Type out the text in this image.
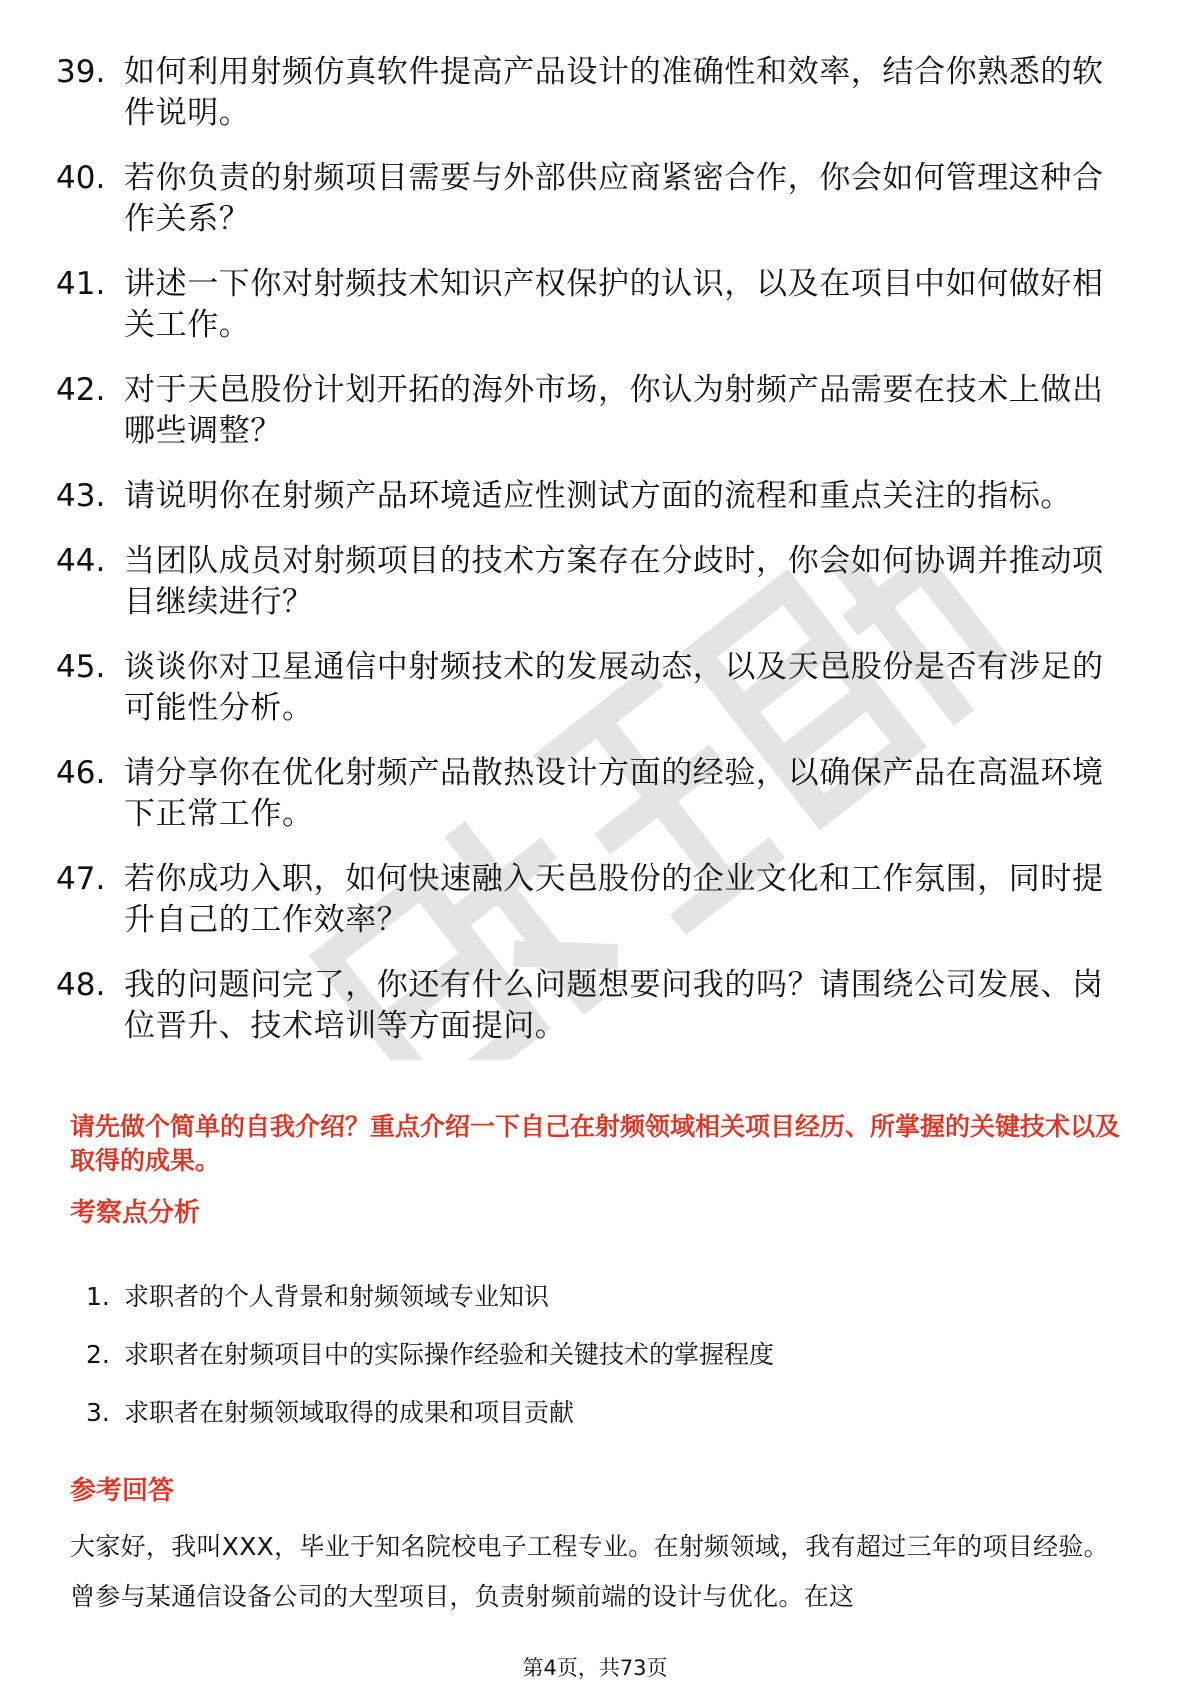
39. 如何利用射频仿真软件提高产品设计的准确性和效率，结合你熟悉的软件说明。
40. 若你负责的射频项目需要与外部供应商紧密合作，你会如何管理这种合作关系？
41. 讲述一下你对射频技术知识产权保护的认识，以及在项目中如何做好相关工作。
42. 对于天邑股份计划开拓的海外市场，你认为射频产品需要在技术上做出哪些调整？
43. 请说明你在射频产品环境适应性测试方面的流程和重点关注的指标。
44. 当团队成员对射频项目的技术方案存在分歧时，你会如何协调并推动项目继续进行？
45. 谈谈你对卫星通信中射频技术的发展动态，以及天邑股份是否有涉足的可能性分析。
46. 请分享你在优化射频产品散热设计方面的经验，以确保产品在高温环境下正常工作。
47. 若你成功入职，如何快速融入天邑股份的企业文化和工作氛围，同时提升自己的工作效率？
48. 我的问题问完了，你还有什么问题想要问我的吗？请围绕公司发展、岗位晋升、技术培训等方面提问。
请先做个简单的自我介绍？重点介绍一下自己在射频领域相关项目经历、所掌握的关键技术以及取得的成果。
考察点分析
1. 求职者的个人背景和射频领域专业知识
2. 求职者在射频项目中的实际操作经验和关键技术的掌握程度
3. 求职者在射频领域取得的成果和项目贡献
参考回答
大家好，我叫XXX，毕业于知名院校电子工程专业。在射频领域，我有超过三年的项目经验。曾参与某通信设备公司的大型项目，负责射频前端的设计与优化。在这
第4页，共73页
